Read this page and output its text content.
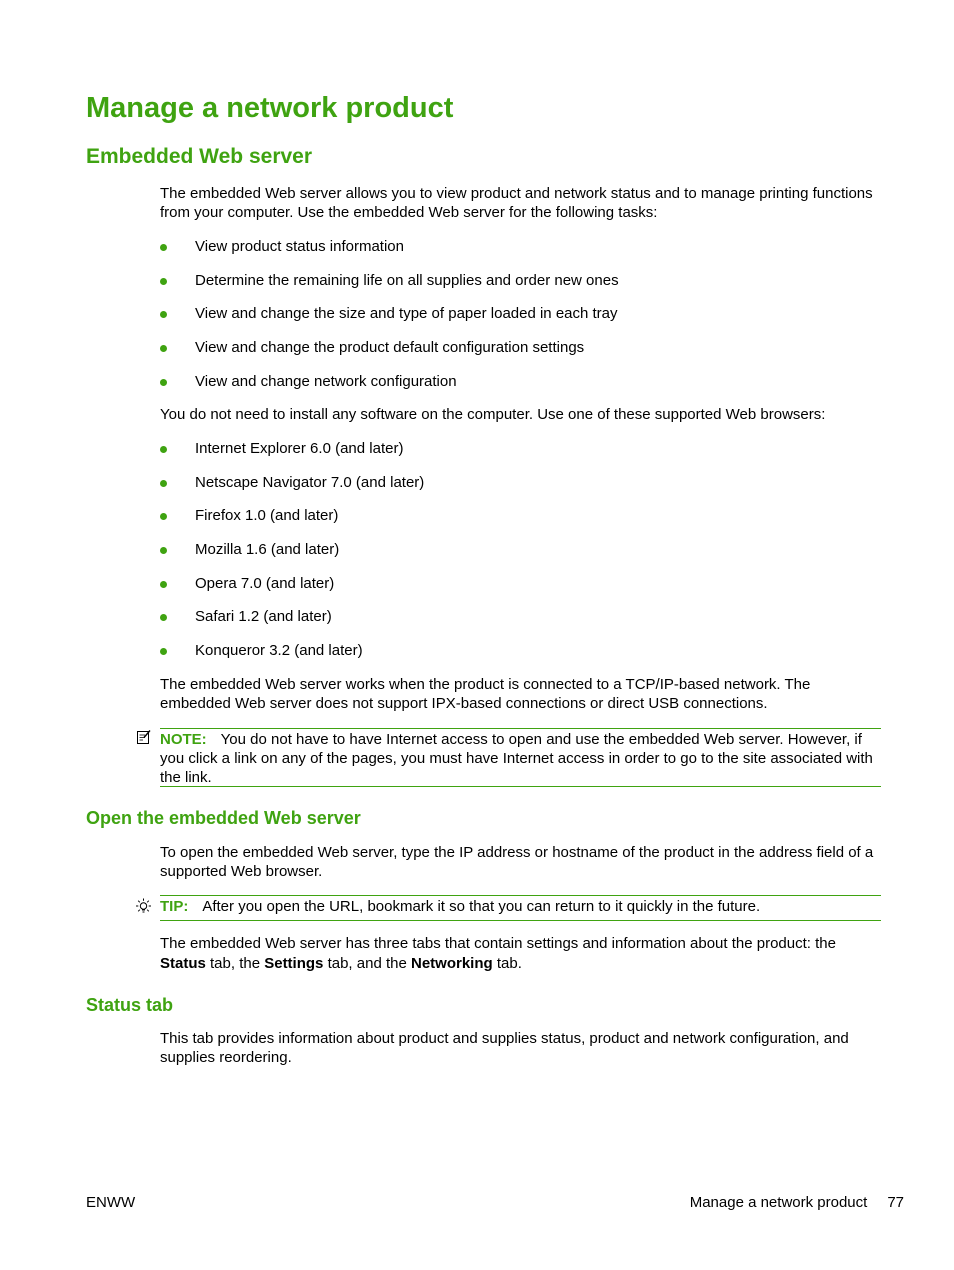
Manage a network product
Embedded Web server

The embedded Web server allows you to view product and network status and to manage printing functions from your computer. Use the embedded Web server for the following tasks:

View product status information
Determine the remaining life on all supplies and order new ones
View and change the size and type of paper loaded in each tray
View and change the product default configuration settings
View and change network configuration

You do not need to install any software on the computer. Use one of these supported Web browsers:

Internet Explorer 6.0 (and later)
Netscape Navigator 7.0 (and later)
Firefox 1.0 (and later)
Mozilla 1.6 (and later)
Opera 7.0 (and later)
Safari 1.2 (and later)
Konqueror 3.2 (and later)

The embedded Web server works when the product is connected to a TCP/IP-based network. The embedded Web server does not support IPX-based connections or direct USB connections.

NOTE: You do not have to have Internet access to open and use the embedded Web server. However, if you click a link on any of the pages, you must have Internet access in order to go to the site associated with the link.
Open the embedded Web server

To open the embedded Web server, type the IP address or hostname of the product in the address field of a supported Web browser.

TIP: After you open the URL, bookmark it so that you can return to it quickly in the future.

The embedded Web server has three tabs that contain settings and information about the product: the Status tab, the Settings tab, and the Networking tab.

Status tab

This tab provides information about product and supplies status, product and network configuration, and supplies reordering.

ENWW	Manage a network product 77
